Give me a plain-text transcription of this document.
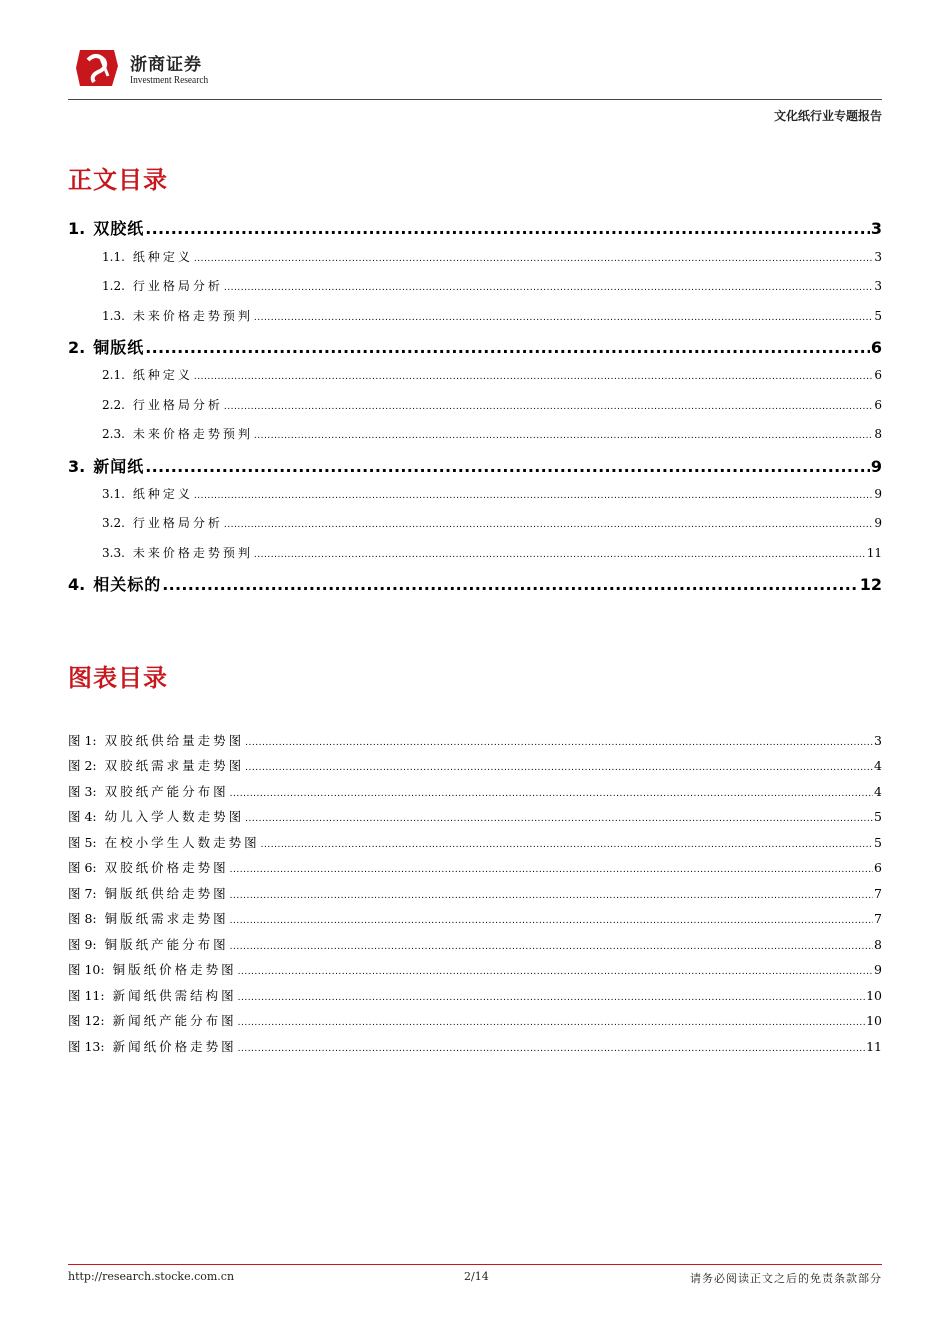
浙商证券
Investment Research
文化纸行业专题报告
正文目录
1. 双胶纸 .....	3
1.1. 纸种定义 .....	3
1.2. 行业格局分析 .....	3
1.3. 未来价格走势预判 .....	5
2. 铜版纸 .....	6
2.1. 纸种定义 .....	6
2.2. 行业格局分析 .....	6
2.3. 未来价格走势预判 .....	8
3. 新闻纸 .....	9
3.1. 纸种定义 .....	9
3.2. 行业格局分析 .....	9
3.3. 未来价格走势预判 .....	11
4. 相关标的 .....	12
图表目录
图 1: 双胶纸供给量走势图 .....	3
图 2: 双胶纸需求量走势图 .....	4
图 3: 双胶纸产能分布图 .....	4
图 4: 幼儿入学人数走势图 .....	5
图 5: 在校小学生人数走势图 .....	5
图 6: 双胶纸价格走势图 .....	6
图 7: 铜版纸供给走势图 .....	7
图 8: 铜版纸需求走势图 .....	7
图 9: 铜版纸产能分布图 .....	8
图 10: 铜版纸价格走势图 .....	9
图 11: 新闻纸供需结构图 .....	10
图 12: 新闻纸产能分布图 .....	10
图 13: 新闻纸价格走势图 .....	11
http://research.stocke.com.cn	2/14	请务必阅读正文之后的免责条款部分
